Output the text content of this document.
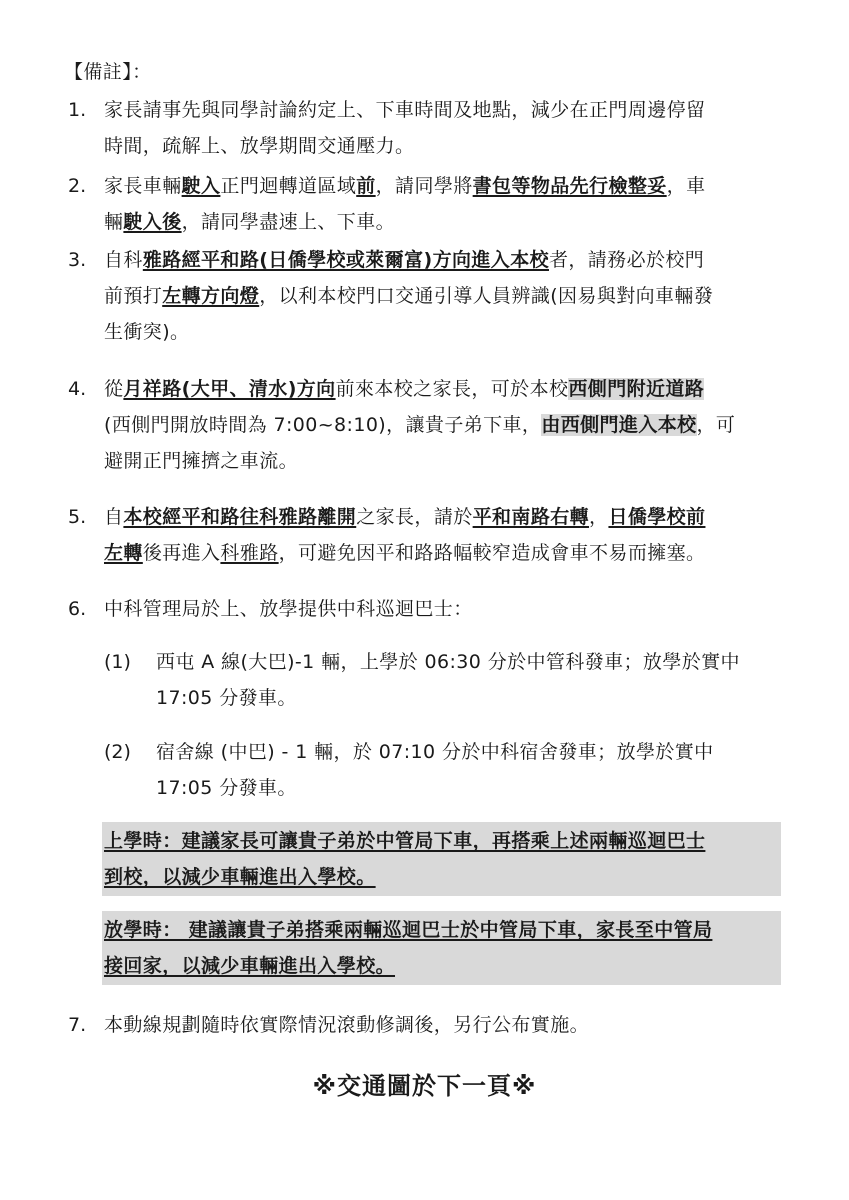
【備註】：
1. 家長請事先與同學討論約定上、下車時間及地點，減少在正門周邊停留
時間，疏解上、放學期間交通壓力。
2. 家長車輛駛入正門迴轉道區域前，請同學將書包等物品先行檢整妥，車
輛駛入後，請同學盡速上、下車。
3. 自科雅路經平和路(日僑學校或萊爾富)方向進入本校者，請務必於校門
前預打左轉方向燈，以利本校門口交通引導人員辨識(因易與對向車輛發
生衝突)。
4. 從月祥路(大甲、清水)方向前來本校之家長，可於本校西側門附近道路
(西側門開放時間為 7:00~8:10)，讓貴子弟下車，由西側門進入本校，可
避開正門擁擠之車流。
5. 自本校經平和路往科雅路離開之家長，請於平和南路右轉，日僑學校前
左轉後再進入科雅路，可避免因平和路路幅較窄造成會車不易而擁塞。
6. 中科管理局於上、放學提供中科巡迴巴士：
(1) 西屯 A 線(大巴)-1 輛，上學於 06:30 分於中管科發車；放學於實中
17:05 分發車。
(2) 宿舍線 (中巴) - 1 輛，於 07:10 分於中科宿舍發車；放學於實中
17:05 分發車。
上學時：建議家長可讓貴子弟於中管局下車，再搭乘上述兩輛巡迴巴士
到校，以減少車輛進出入學校。
放學時： 建議讓貴子弟搭乘兩輛巡迴巴士於中管局下車，家長至中管局
接回家，以減少車輛進出入學校。
7. 本動線規劃隨時依實際情況滾動修調後，另行公布實施。
※交通圖於下一頁※
